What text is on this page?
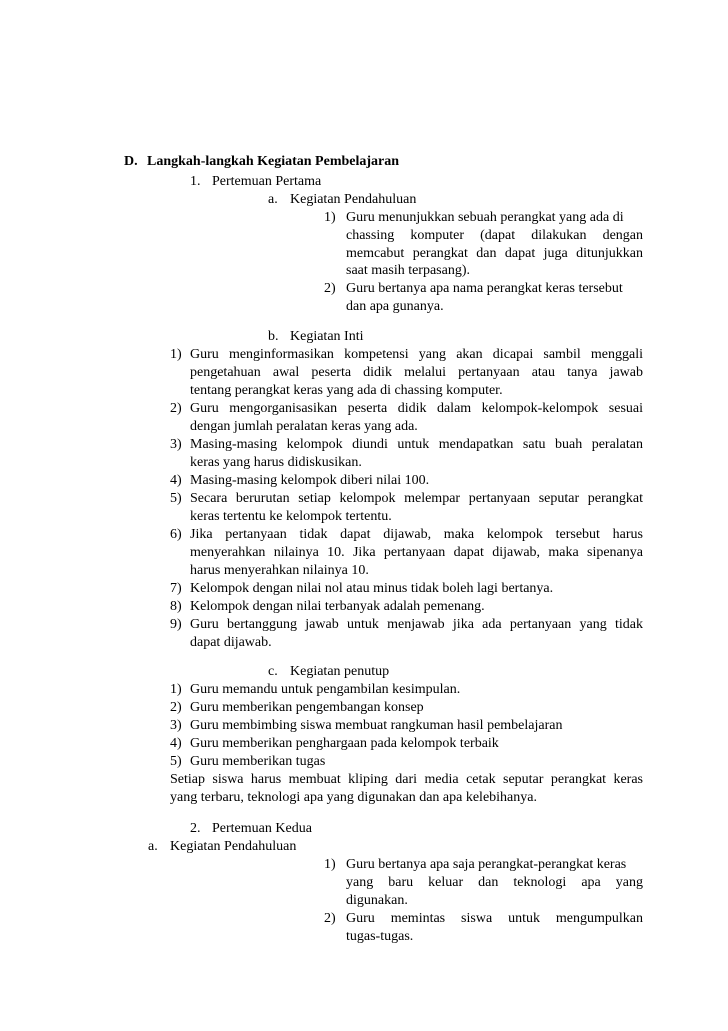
D. Langkah-langkah Kegiatan Pembelajaran
1. Pertemuan Pertama
a. Kegiatan Pendahuluan
1) Guru menunjukkan sebuah perangkat yang ada di
chassing komputer (dapat dilakukan dengan
memcabut perangkat dan dapat juga ditunjukkan
saat masih terpasang).
2) Guru bertanya apa nama perangkat keras tersebut
dan apa gunanya.
b. Kegiatan Inti
1) Guru menginformasikan kompetensi yang akan dicapai sambil menggali
pengetahuan awal peserta didik melalui pertanyaan atau tanya jawab
tentang perangkat keras yang ada di chassing komputer.
2) Guru mengorganisasikan peserta didik dalam kelompok-kelompok sesuai
dengan jumlah peralatan keras yang ada.
3) Masing-masing kelompok diundi untuk mendapatkan satu buah peralatan
keras yang harus didiskusikan.
4) Masing-masing kelompok diberi nilai 100.
5) Secara berurutan setiap kelompok melempar pertanyaan seputar perangkat
keras tertentu ke kelompok tertentu.
6) Jika pertanyaan tidak dapat dijawab, maka kelompok tersebut harus
menyerahkan nilainya 10. Jika pertanyaan dapat dijawab, maka sipenanya
harus menyerahkan nilainya 10.
7) Kelompok dengan nilai nol atau minus tidak boleh lagi bertanya.
8) Kelompok dengan nilai terbanyak adalah pemenang.
9) Guru bertanggung jawab untuk menjawab jika ada pertanyaan yang tidak
dapat dijawab.
c. Kegiatan penutup
1) Guru memandu untuk pengambilan kesimpulan.
2) Guru memberikan pengembangan konsep
3) Guru membimbing siswa membuat rangkuman hasil pembelajaran
4) Guru memberikan penghargaan pada kelompok terbaik
5) Guru memberikan tugas
Setiap siswa harus membuat kliping dari media cetak seputar perangkat keras
yang terbaru, teknologi apa yang digunakan dan apa kelebihanya.
2. Pertemuan Kedua
a. Kegiatan Pendahuluan
1) Guru bertanya apa saja perangkat-perangkat keras
yang baru keluar dan teknologi apa yang
digunakan.
2) Guru memintas siswa untuk mengumpulkan
tugas-tugas.
